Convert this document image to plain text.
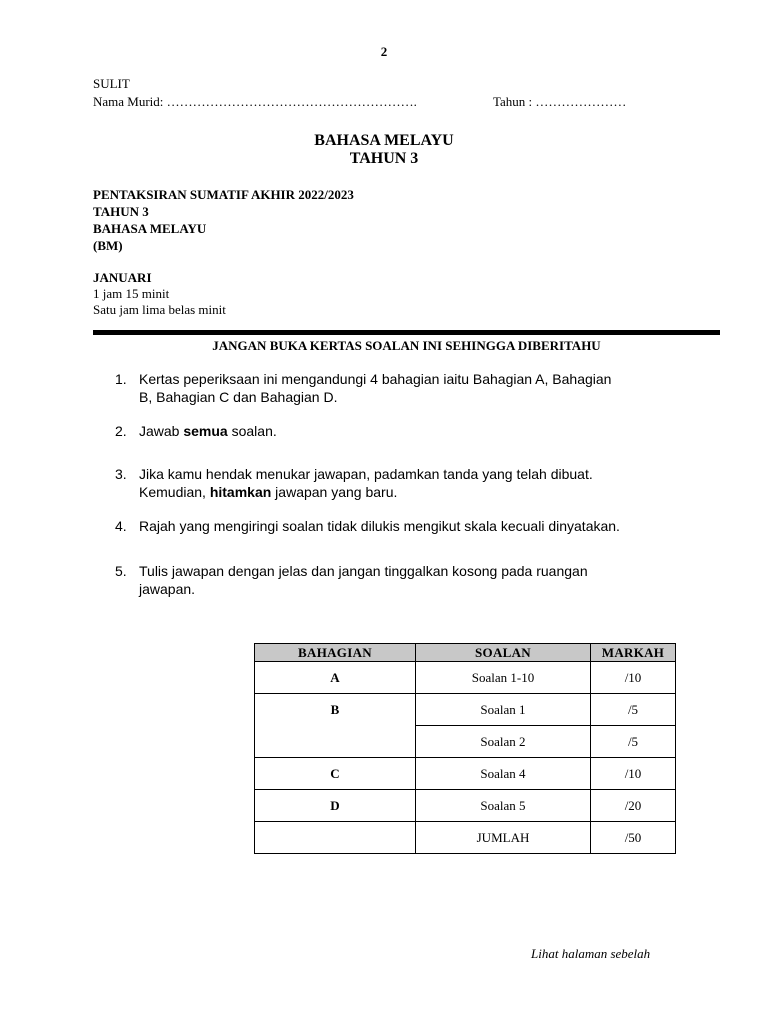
2
SULIT
Nama Murid: ………………………………………………….	Tahun : …………………
BAHASA MELAYU
TAHUN 3
PENTAKSIRAN SUMATIF AKHIR 2022/2023
TAHUN 3
BAHASA MELAYU
(BM)
JANUARI
1 jam 15 minit
Satu jam lima belas minit
JANGAN BUKA KERTAS SOALAN INI SEHINGGA DIBERITAHU
1. Kertas peperiksaan ini mengandungi 4 bahagian iaitu Bahagian A, Bahagian
B, Bahagian C dan Bahagian D.
2. Jawab semua soalan.
3. Jika kamu hendak menukar jawapan, padamkan tanda yang telah dibuat.
Kemudian, hitamkan jawapan yang baru.
4. Rajah yang mengiringi soalan tidak dilukis mengikut skala kecuali dinyatakan.
5. Tulis jawapan dengan jelas dan jangan tinggalkan kosong pada ruangan
jawapan.
BAHAGIAN	SOALAN	MARKAH
A	Soalan 1-10	/10
B	Soalan 1	/5
	Soalan 2	/5
C	Soalan 4	/10
D	Soalan 5	/20
	JUMLAH	/50
Lihat halaman sebelah
